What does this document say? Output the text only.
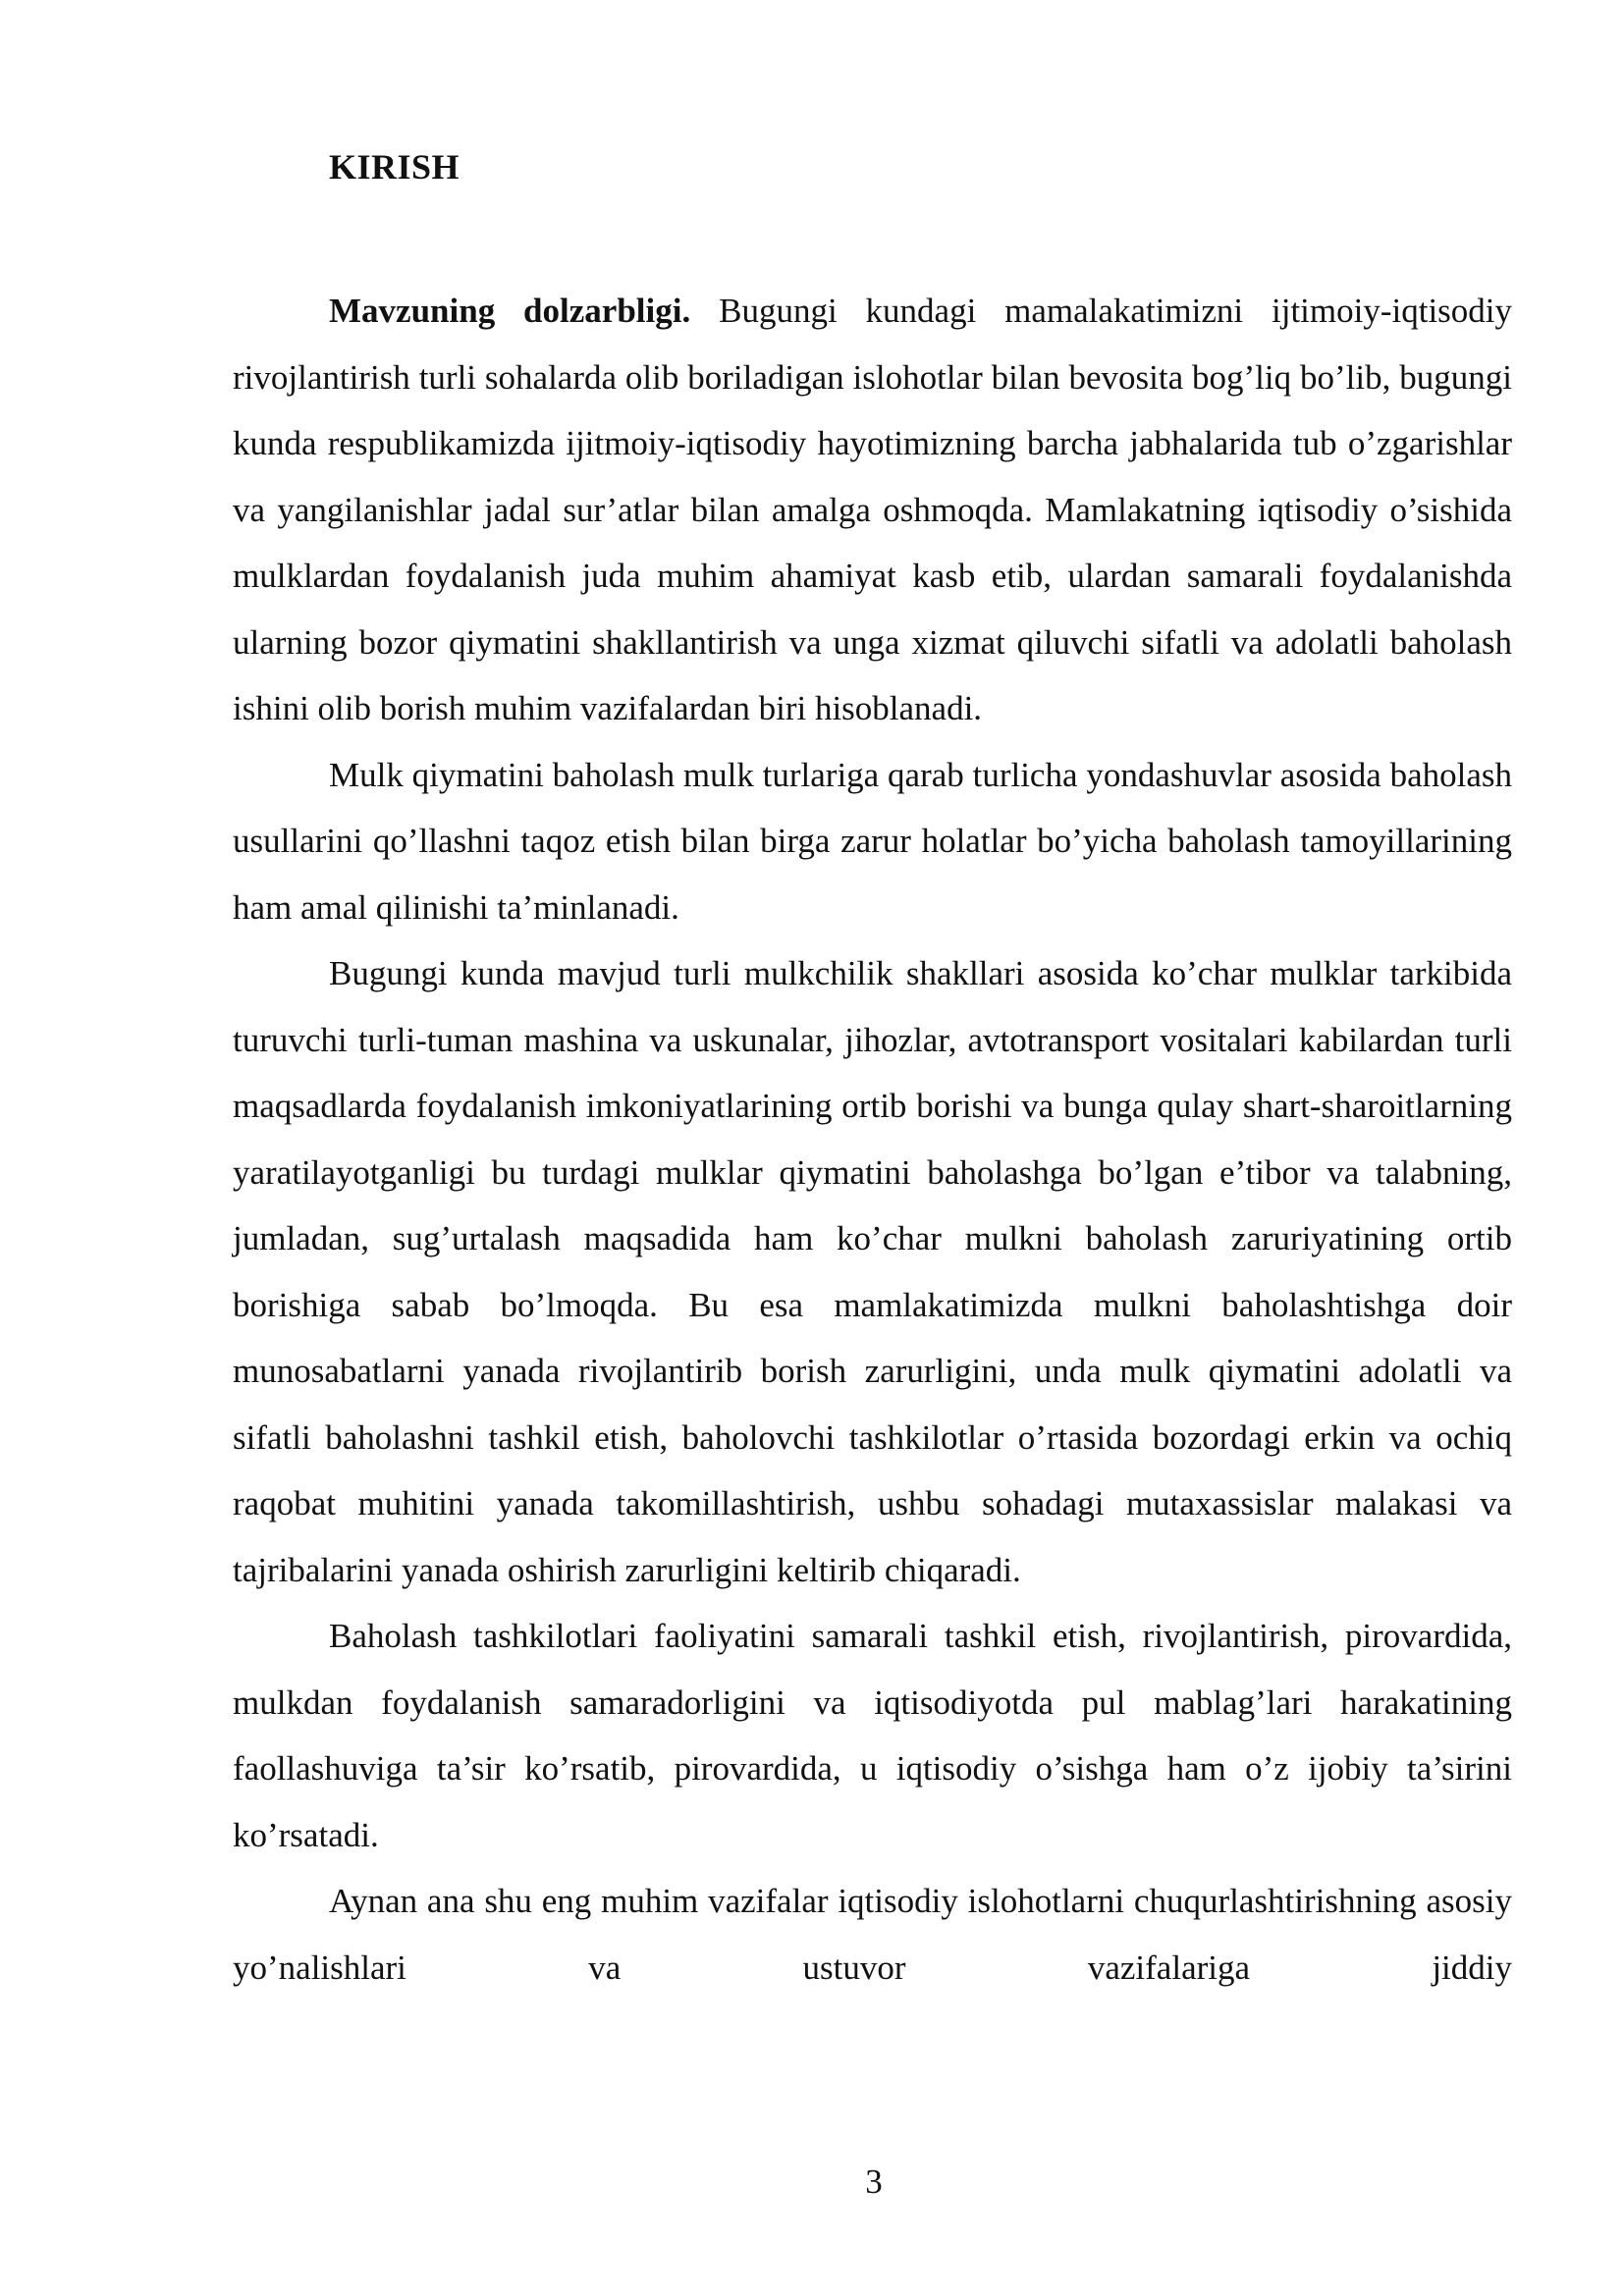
KIRISH

Mavzuning dolzarbligi. Bugungi kundagi mamalakatimizni ijtimoiy-iqtisodiy rivojlantirish turli sohalarda olib boriladigan islohotlar bilan bevosita bog’liq bo’lib, bugungi kunda respublikamizda ijitmoiy-iqtisodiy hayotimizning barcha jabhalarida tub o’zgarishlar va yangilanishlar jadal sur’atlar bilan amalga oshmoqda. Mamlakatning iqtisodiy o’sishida mulklardan foydalanish juda muhim ahamiyat kasb etib, ulardan samarali foydalanishda ularning bozor qiymatini shakllantirish va unga xizmat qiluvchi sifatli va adolatli baholash ishini olib borish muhim vazifalardan biri hisoblanadi.

Mulk qiymatini baholash mulk turlariga qarab turlicha yondashuvlar asosida baholash usullarini qo’llashni taqoz etish bilan birga zarur holatlar bo’yicha baholash tamoyillarining ham amal qilinishi ta’minlanadi.

Bugungi kunda mavjud turli mulkchilik shakllari asosida ko’char mulklar tarkibida turuvchi turli-tuman mashina va uskunalar, jihozlar, avtotransport vositalari kabilardan turli maqsadlarda foydalanish imkoniyatlarining ortib borishi va bunga qulay shart-sharoitlarning yaratilayotganligi bu turdagi mulklar qiymatini baholashga bo’lgan e’tibor va talabning, jumladan, sug’urtalash maqsadida ham ko’char mulkni baholash zaruriyatining ortib borishiga sabab bo’lmoqda. Bu esa mamlakatimizda mulkni baholashtishga doir munosabatlarni yanada rivojlantirib borish zarurligini, unda mulk qiymatini adolatli va sifatli baholashni tashkil etish, baholovchi tashkilotlar o’rtasida bozordagi erkin va ochiq raqobat muhitini yanada takomillashtirish, ushbu sohadagi mutaxassislar malakasi va tajribalarini yanada oshirish zarurligini keltirib chiqaradi.

Baholash tashkilotlari faoliyatini samarali tashkil etish, rivojlantirish, pirovardida, mulkdan foydalanish samaradorligini va iqtisodiyotda pul mablag’lari harakatining faollashuviga ta’sir ko’rsatib, pirovardida, u iqtisodiy o’sishga ham o’z ijobiy ta’sirini ko’rsatadi.

Aynan ana shu eng muhim vazifalar iqtisodiy islohotlarni chuqurlashtirishning asosiy yo’nalishlari va ustuvor vazifalariga jiddiy

3
